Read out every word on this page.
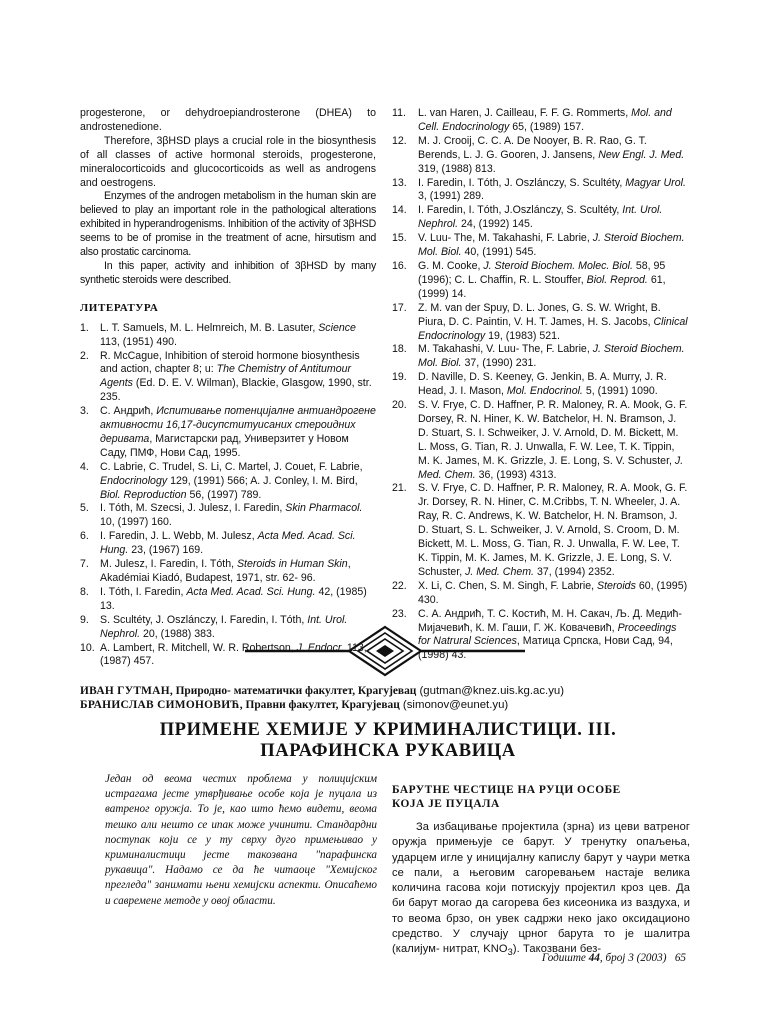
progesterone, or dehydroepiandrosterone (DHEA) to androstenedione.

Therefore, 3βHSD plays a crucial role in the biosynthesis of all classes of active hormonal steroids, progesterone, mineralocorticoids and glucocorticoids as well as androgens and oestrogens.

Enzymes of the androgen metabolism in the human skin are believed to play an important role in the pathological alterations exhibited in hyperandrogenisms. Inhibition of the activity of 3βHSD seems to be of promise in the treatment of acne, hirsutism and also prostatic carcinoma.

In this paper, activity and inhibition of 3βHSD by many synthetic steroids were described.

ЛИТЕРАТУРА
1.	L. T. Samuels, M. L. Helmreich, M. B. Lasuter, Science 113, (1951) 490.
2.	R. McCague, Inhibition of steroid hormone biosynthesis and action, chapter 8; u: The Chemistry of Antitumour Agents (Ed. D. E. V. Wilman), Blackie, Glasgow, 1990, str. 235.
3.	С. Андрић, Испитивање потенцијалне антиандрогене активности 16,17-дисупституисаних стероидних деривата, Магистарски рад, Универзитет у Новом Саду, ПМФ, Нови Сад, 1995.
4.	C. Labrie, C. Trudel, S. Li, C. Martel, J. Couet, F. Labrie, Endocrinology 129, (1991) 566; A. J. Conley, I. M. Bird, Biol. Reproduction 56, (1997) 789.
5.	I. Tóth, M. Szecsi, J. Julesz, I. Faredin, Skin Pharmacol. 10, (1997) 160.
6.	I. Faredin, J. L. Webb, M. Julesz, Acta Med. Acad. Sci. Hung. 23, (1967) 169.
7.	M. Julesz, I. Faredin, I. Tóth, Steroids in Human Skin, Akadémiai Kiadó, Budapest, 1971, str. 62- 96.
8.	I. Tóth, I. Faredin, Acta Med. Acad. Sci. Hung. 42, (1985) 13.
9.	S. Scultéty, J. Oszlánczy, I. Faredin, I. Tóth, Int. Urol. Nephrol. 20, (1988) 383.
10. A. Lambert, R. Mitchell, W. R. Robertson, J. Endocr. 113, (1987) 457.
11.	L. van Haren, J. Cailleau, F. F. G. Rommerts, Mol. and Cell. Endocrinology 65, (1989) 157.
12.	M. J. Crooij, C. C. A. De Nooyer, B. R. Rao, G. T. Berends, L. J. G. Gooren, J. Jansens, New Engl. J. Med. 319, (1988) 813.
13.	I. Faredin, I. Tóth, J. Oszlánczy, S. Scultéty, Magyar Urol. 3, (1991) 289.
14.	I. Faredin, I. Tóth, J.Oszlánczy, S. Scultéty, Int. Urol. Nephrol. 24, (1992) 145.
15.	V. Luu- The, M. Takahashi, F. Labrie, J. Steroid Biochem. Mol. Biol. 40, (1991) 545.
16.	G. M. Cooke, J. Steroid Biochem. Molec. Biol. 58, 95 (1996); C. L. Chaffin, R. L. Stouffer, Biol. Reprod. 61, (1999) 14.
17.	Z. M. van der Spuy, D. L. Jones, G. S. W. Wright, B. Piura, D. C. Paintin, V. H. T. James, H. S. Jacobs, Clinical Endocrinology 19, (1983) 521.
18.	M. Takahashi, V. Luu- The, F. Labrie, J. Steroid Biochem. Mol. Biol. 37, (1990) 231.
19.	D. Naville, D. S. Keeney, G. Jenkin, B. A. Murry, J. R. Head, J. I. Mason, Mol. Endocrinol. 5, (1991) 1090.
20.	S. V. Frye, C. D. Haffner, P. R. Maloney, R. A. Mook, G. F. Dorsey, R. N. Hiner, K. W. Batchelor, H. N. Bramson, J. D. Stuart, S. I. Schweiker, J. V. Arnold, D. M. Bickett, M. L. Moss, G. Tian, R. J. Unwalla, F. W. Lee, T. K. Tippin, M. K. James, M. K. Grizzle, J. E. Long, S. V. Schuster, J. Med. Chem. 36, (1993) 4313.
21.	S. V. Frye, C. D. Haffner, P. R. Maloney, R. A. Mook, G. F. Jr. Dorsey, R. N. Hiner, C. M.Cribbs, T. N. Wheeler, J. A. Ray, R. C. Andrews, K. W. Batchelor, H. N. Bramson, J. D. Stuart, S. L. Schweiker, J. V. Arnold, S. Croom, D. M. Bickett, M. L. Moss, G. Tian, R. J. Unwalla, F. W. Lee, T. K. Tippin, M. K. James, M. K. Grizzle, J. E. Long, S. V. Schuster, J. Med. Chem. 37, (1994) 2352.
22.	X. Li, C. Chen, S. M. Singh, F. Labrie, Steroids 60, (1995) 430.
23.	С. А. Андрић, Т. С. Костић, М. Н. Сакач, Љ. Д. Медић-Мијачевић, К. М. Гаши, Г. Ж. Ковачевић, Proceedings for Natrural Sciences, Матица Српска, Нови Сад, 94, (1998) 43.
ИВАН ГУТМАН, Природно- математички факултет, Крагујевац (gutman@knez.uis.kg.ac.yu)
БРАНИСЛАВ СИМОНОВИЋ, Правни факултет, Крагујевац (simonov@eunet.yu)
ПРИМЕНЕ ХЕМИЈЕ У КРИМИНАЛИСТИЦИ. III.
ПАРАФИНСКА РУКАВИЦА
Један од веома честих проблема у полицијским истрагама јесте утврђивање особе која је пуцала из ватреног оружја. То је, као што ћемо видети, веома тешко али нешто се ипак може учинити. Стандардни поступак који се у ту сврху дуго примењивао у криминалистици јесте такозвана "парафинска рукавица". Надамо се да ће читаоце "Хемијског прегледа" занимати њени хемијски аспекти. Описаћемо и савремене методе у овој области.
БАРУТНЕ ЧЕСТИЦЕ НА РУЦИ ОСОБЕ
КОЈА ЈЕ ПУЦАЛА
За избацивање пројектила (зрна) из цеви ватреног оружја примењује се барут. У тренутку опаљења, ударцем игле у иницијалну капислу барут у чаури метка се пали, а његовим сагоревањем настаје велика количина гасова који потискују пројектил кроз цев. Да би барут могао да сагорева без кисеоника из ваздуха, и то веома брзо, он увек садржи неко јако оксидационо средство. У случају црног барута то је шалитра (калијум- нитрат, $KNO_3$). Такозвани без-
Годиште 44, број 3 (2003) 65
